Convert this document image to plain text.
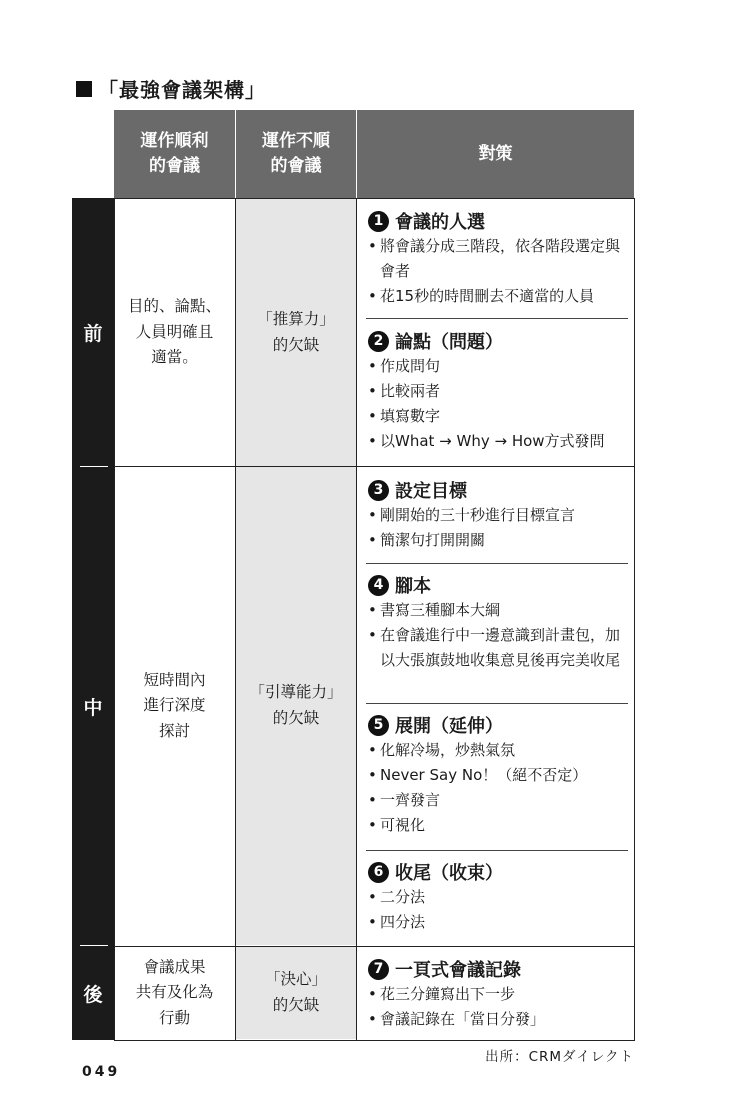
「最強會議架構」
運作順利
的會議
運作不順
的會議
對策
前
中
後
目的、論點、
人員明確且
適當。
短時間內
進行深度
探討
會議成果
共有及化為
行動
「推算力」
的欠缺
「引導能力」
的欠缺
「決心」
的欠缺
1 會議的人選
• 將會議分成三階段，依各階段選定與會者
• 花15秒的時間刪去不適當的人員
2 論點（問題）
• 作成問句
• 比較兩者
• 填寫數字
• 以What → Why → How方式發問
3 設定目標
• 剛開始的三十秒進行目標宣言
• 簡潔句打開開關
4 腳本
• 書寫三種腳本大綱
• 在會議進行中一邊意識到計畫包，加以大張旗鼓地收集意見後再完美收尾
5 展開（延伸）
• 化解冷場，炒熱氣氛
• Never Say No！（絕不否定）
• 一齊發言
• 可視化
6 收尾（收束）
• 二分法
• 四分法
7 一頁式會議記錄
• 花三分鐘寫出下一步
• 會議記錄在「當日分發」
出所：CRMダイレクト
049
